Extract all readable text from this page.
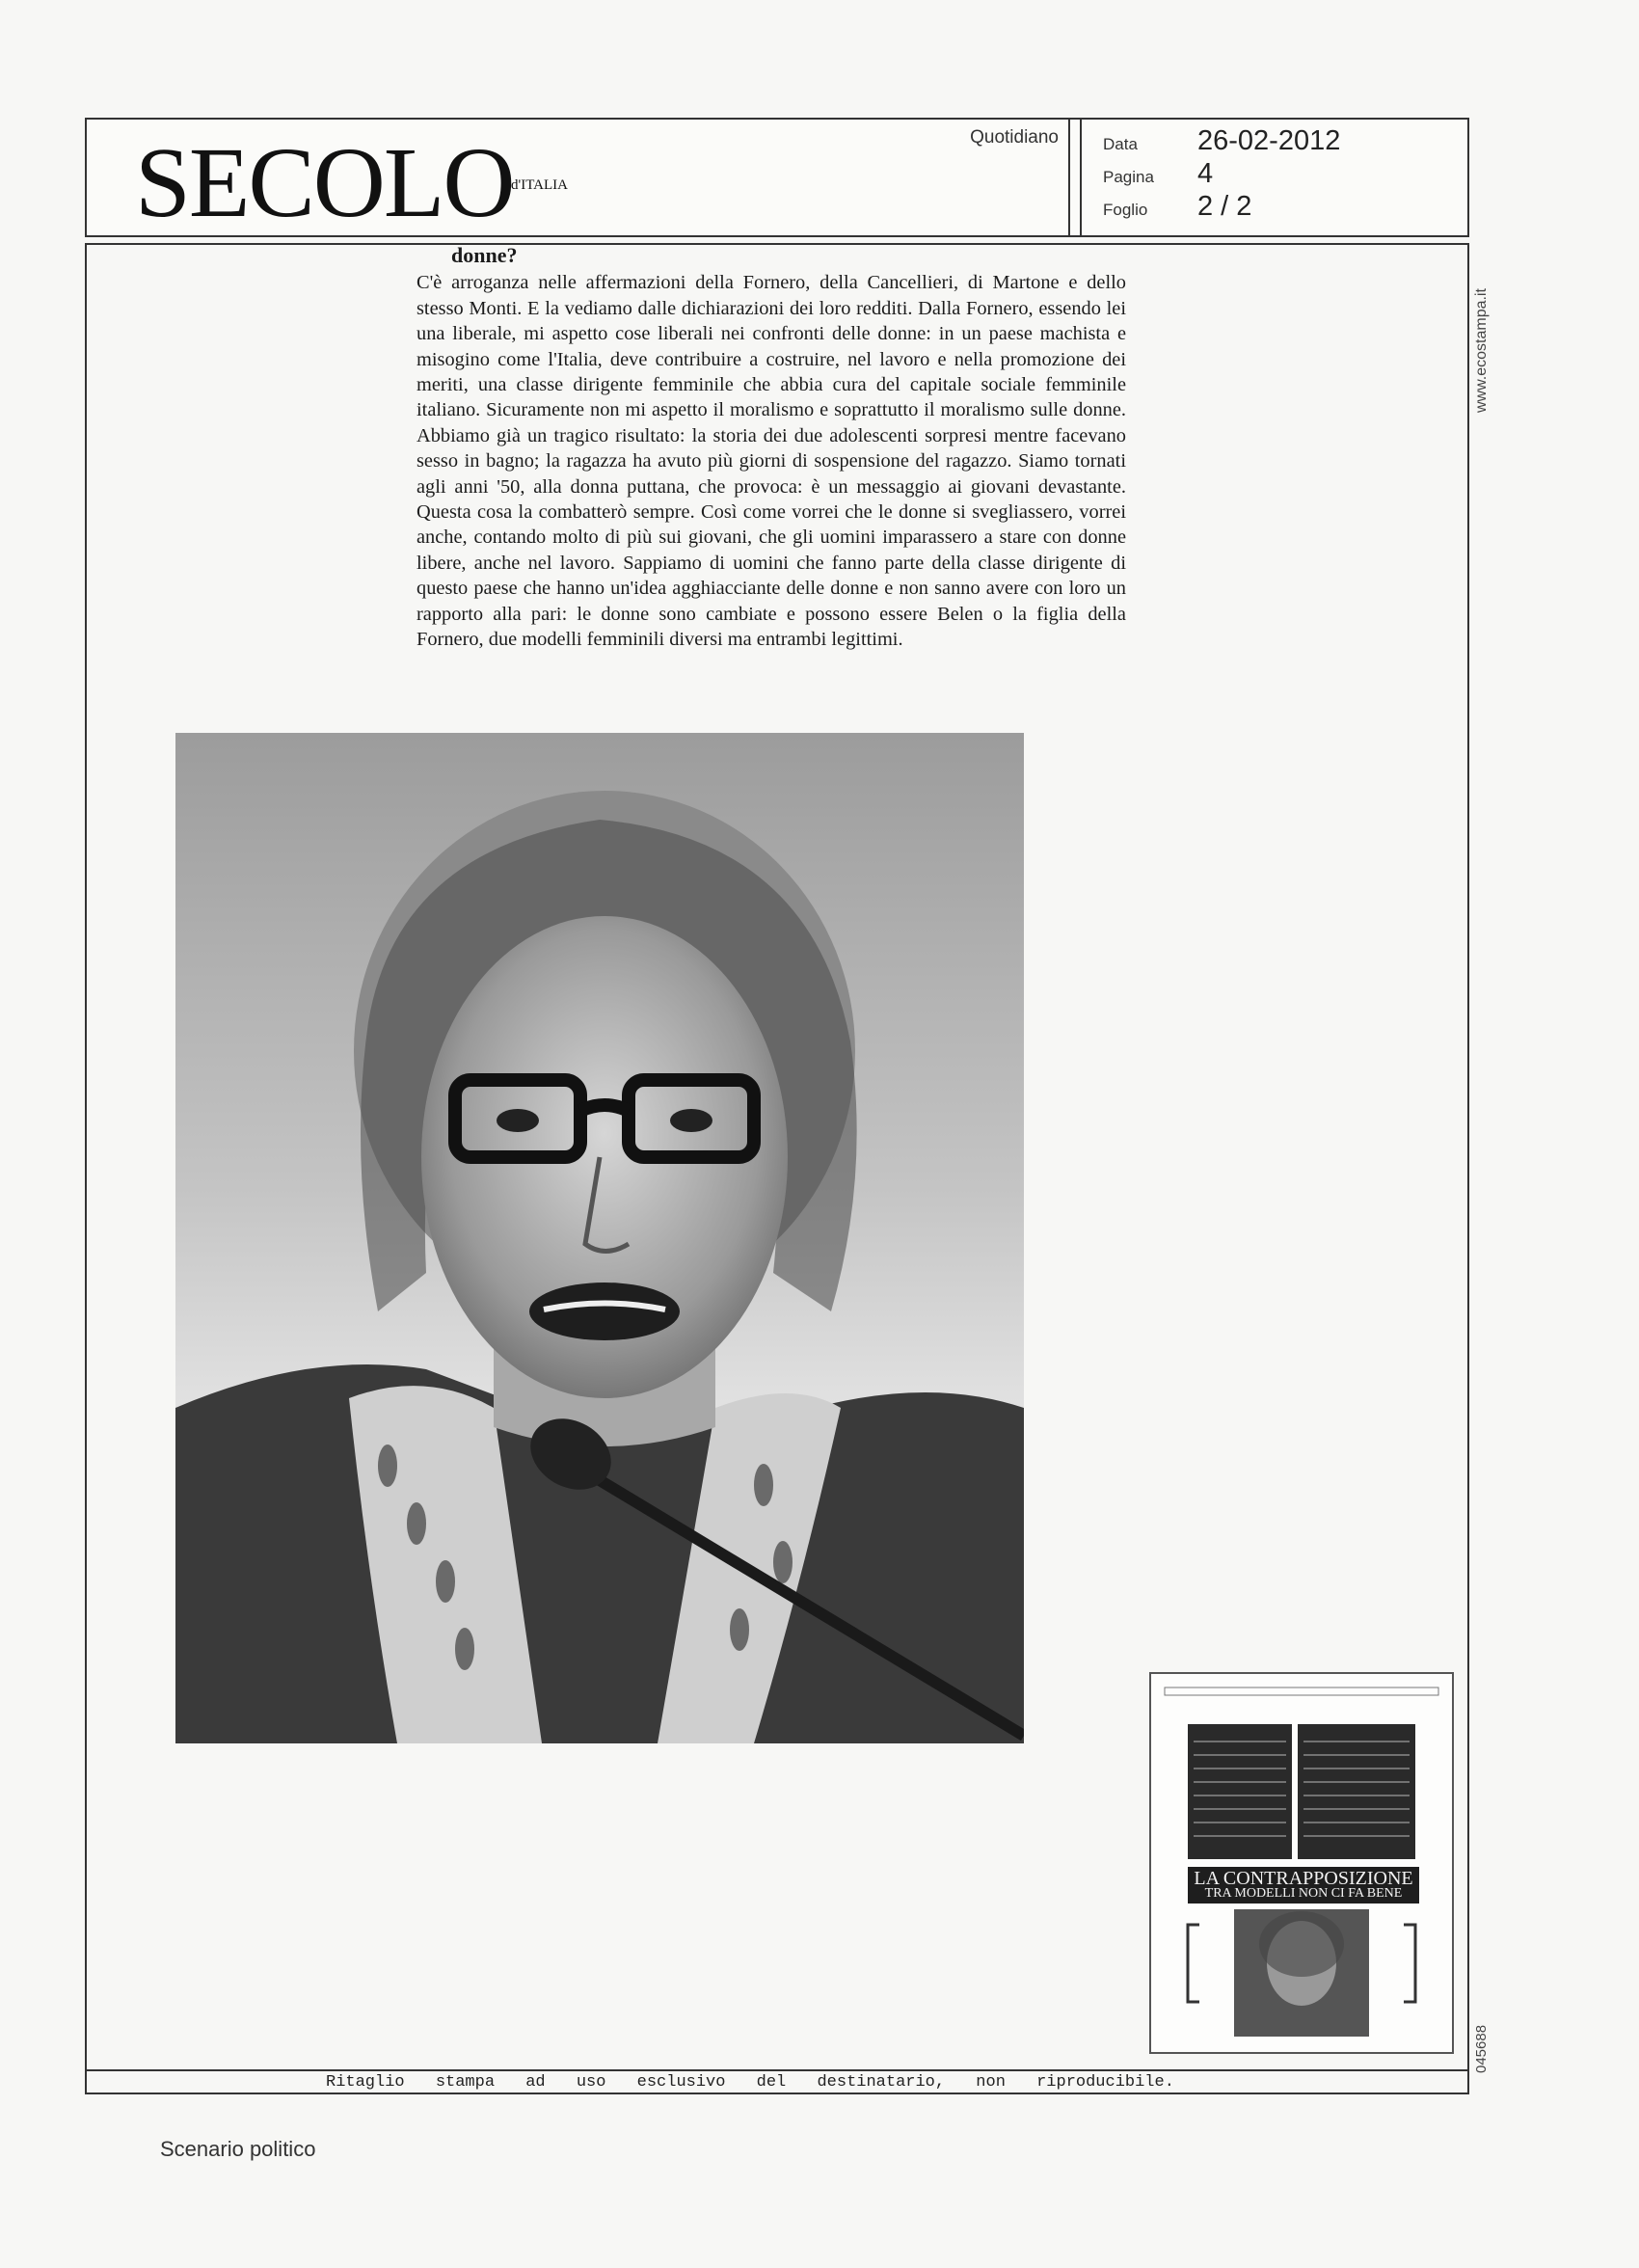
SECOLO
d'ITALIA
Quotidiano	Data 26-02-2012
Pagina 4
Foglio 2 / 2
donne?

C'è arroganza nelle affermazioni della Fornero, della Cancellieri, di Martone e dello stesso Monti. E la vediamo dalle dichiarazioni dei loro redditi. Dalla Fornero, essendo lei una liberale, mi aspetto cose liberali nei confronti delle donne: in un paese machista e misogino come l'Italia, deve contribuire a costruire, nel lavoro e nella promozione dei meriti, una classe dirigente femminile che abbia cura del capitale sociale femminile italiano. Sicuramente non mi aspetto il moralismo e soprattutto il moralismo sulle donne. Abbiamo già un tragico risultato: la storia dei due adolescenti sorpresi mentre facevano sesso in bagno; la ragazza ha avuto più giorni di sospensione del ragazzo. Siamo tornati agli anni '50, alla donna puttana, che provoca: è un messaggio ai giovani devastante. Questa cosa la combatterò sempre. Così come vorrei che le donne si svegliassero, vorrei anche, contando molto di più sui giovani, che gli uomini imparassero a stare con donne libere, anche nel lavoro. Sappiamo di uomini che fanno parte della classe dirigente di questo paese che hanno un'idea agghiacciante delle donne e non sanno avere con loro un rapporto alla pari: le donne sono cambiate e possono essere Belen o la figlia della Fornero, due modelli femminili diversi ma entrambi legittimi.

LA CONTRAPPOSIZIONE
TRA MODELLI NON CI FA BENE
www.ecostampa.it
045688
Ritaglio stampa ad uso esclusivo del destinatario, non riproducibile.
Scenario politico
